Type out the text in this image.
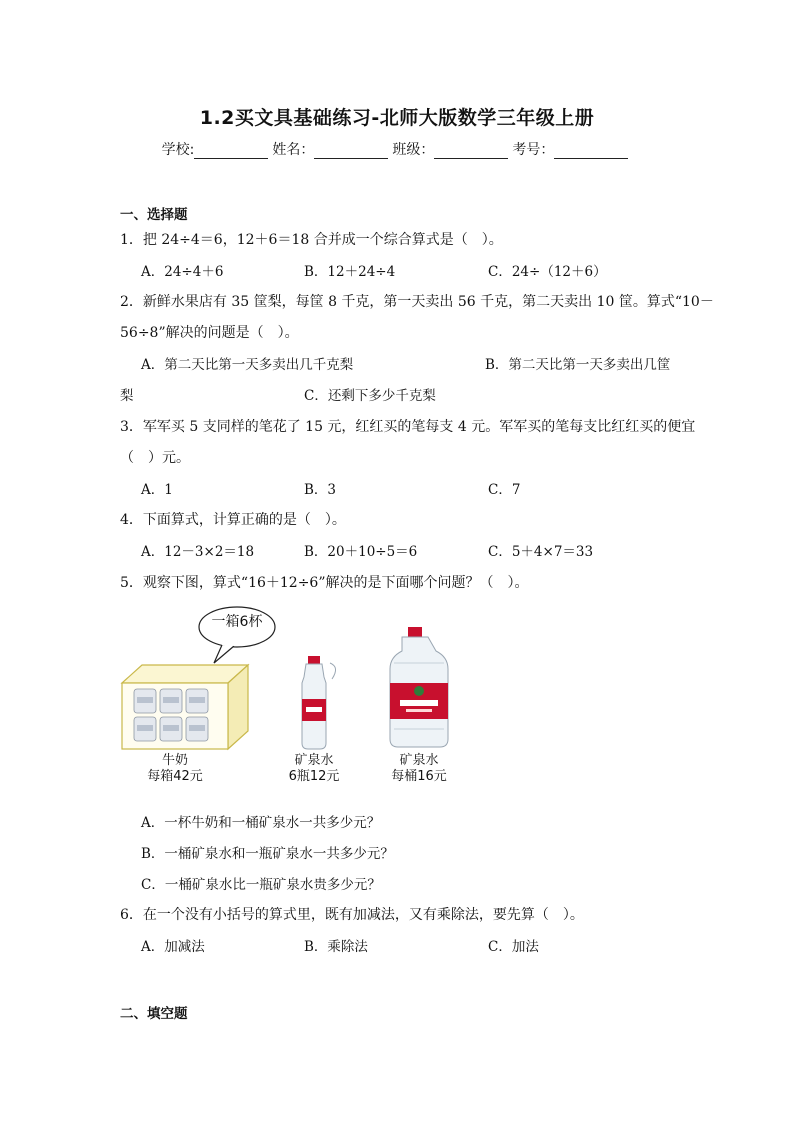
1.2买文具基础练习-北师大版数学三年级上册
学校:	姓名：	班级：	考号：
一、选择题
1．把 24÷4＝6，12＋6＝18 合并成一个综合算式是（　）。
A．24÷4＋6	B．12＋24÷4	C．24÷（12＋6）
2．新鲜水果店有 35 筐梨，每筐 8 千克，第一天卖出 56 千克，第二天卖出 10 筐。算式“10－
56÷8”解决的问题是（　）。
A．第二天比第一天多卖出几千克梨	B．第二天比第一天多卖出几筐
梨	C．还剩下多少千克梨
3．军军买 5 支同样的笔花了 15 元，红红买的笔每支 4 元。军军买的笔每支比红红买的便宜
（　）元。
A．1	B．3	C．7
4．下面算式，计算正确的是（　）。
A．12－3×2＝18	B．20＋10÷5＝6	C．5＋4×7＝33
5．观察下图，算式“16＋12÷6”解决的是下面哪个问题？（　）。
一箱6杯
牛奶
每箱42元
矿泉水
6瓶12元
矿泉水
每桶16元
A．一杯牛奶和一桶矿泉水一共多少元？
B．一桶矿泉水和一瓶矿泉水一共多少元？
C．一桶矿泉水比一瓶矿泉水贵多少元？
6．在一个没有小括号的算式里，既有加减法，又有乘除法，要先算（　）。
A．加减法	B．乘除法	C．加法
二、填空题
